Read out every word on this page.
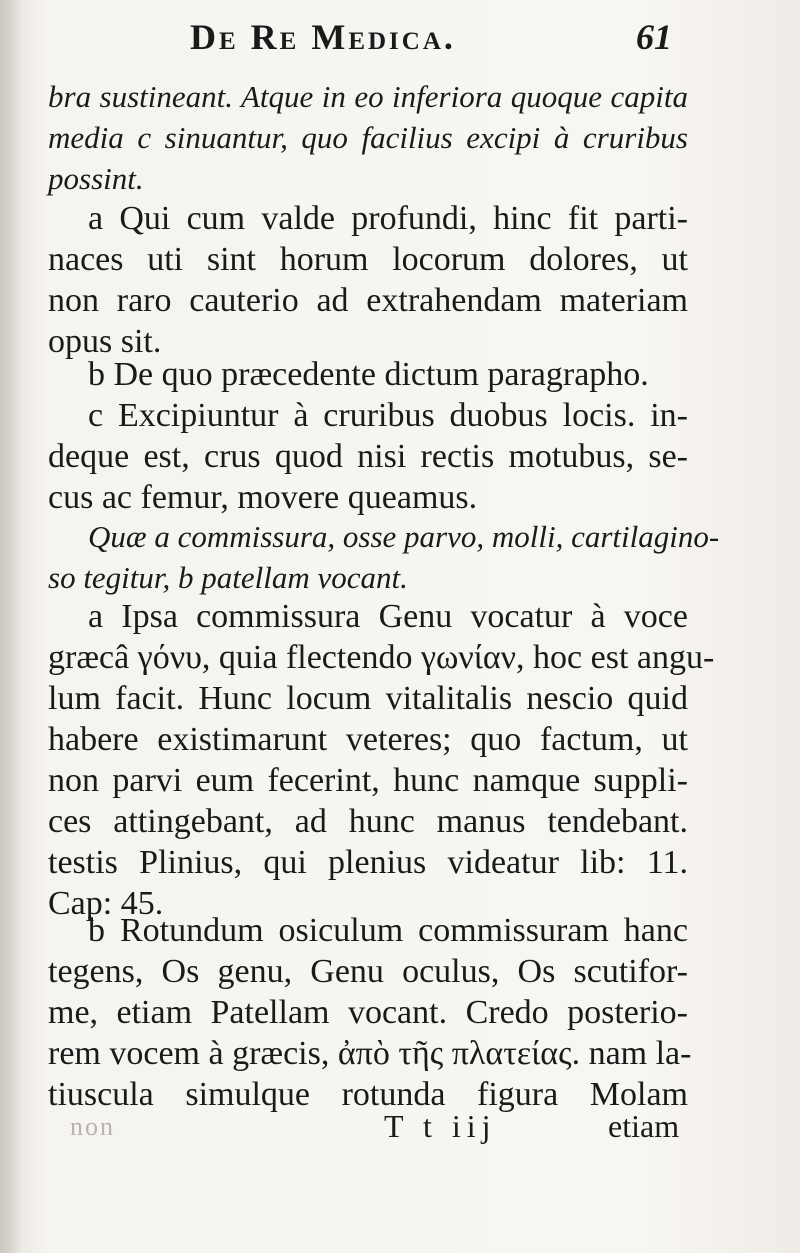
De Re Medica.	61
bra sustineant. Atque in eo inferiora quoque capita
media c sinuantur, quo facilius excipi à cruribus
possint.
a Qui cum valde profundi, hinc fit parti-
naces uti sint horum locorum dolores, ut
non raro cauterio ad extrahendam materiam
opus sit.
b De quo præcedente dictum paragrapho.
c Excipiuntur à cruribus duobus locis. in-
deque est, crus quod nisi rectis motubus, se-
cus ac femur, movere queamus.
Quæ a commissura, osse parvo, molli, cartilagino-
so tegitur, b patellam vocant.
a Ipsa commissura Genu vocatur à voce
græcâ γόνυ, quia flectendo γωνίαν, hoc est angu-
lum facit. Hunc locum vitalitalis nescio quid
habere existimarunt veteres; quo factum, ut
non parvi eum fecerint, hunc namque suppli-
ces attingebant, ad hunc manus tendebant.
testis Plinius, qui plenius videatur lib: 11.
Cap: 45.
b Rotundum osiculum commissuram hanc
tegens, Os genu, Genu oculus, Os scutifor-
me, etiam Patellam vocant. Credo posterio-
rem vocem à græcis, ἀπὸ τῆς πλατείας. nam la-
tiuscula simulque rotunda figura Molam
T t iij	etiam
non
